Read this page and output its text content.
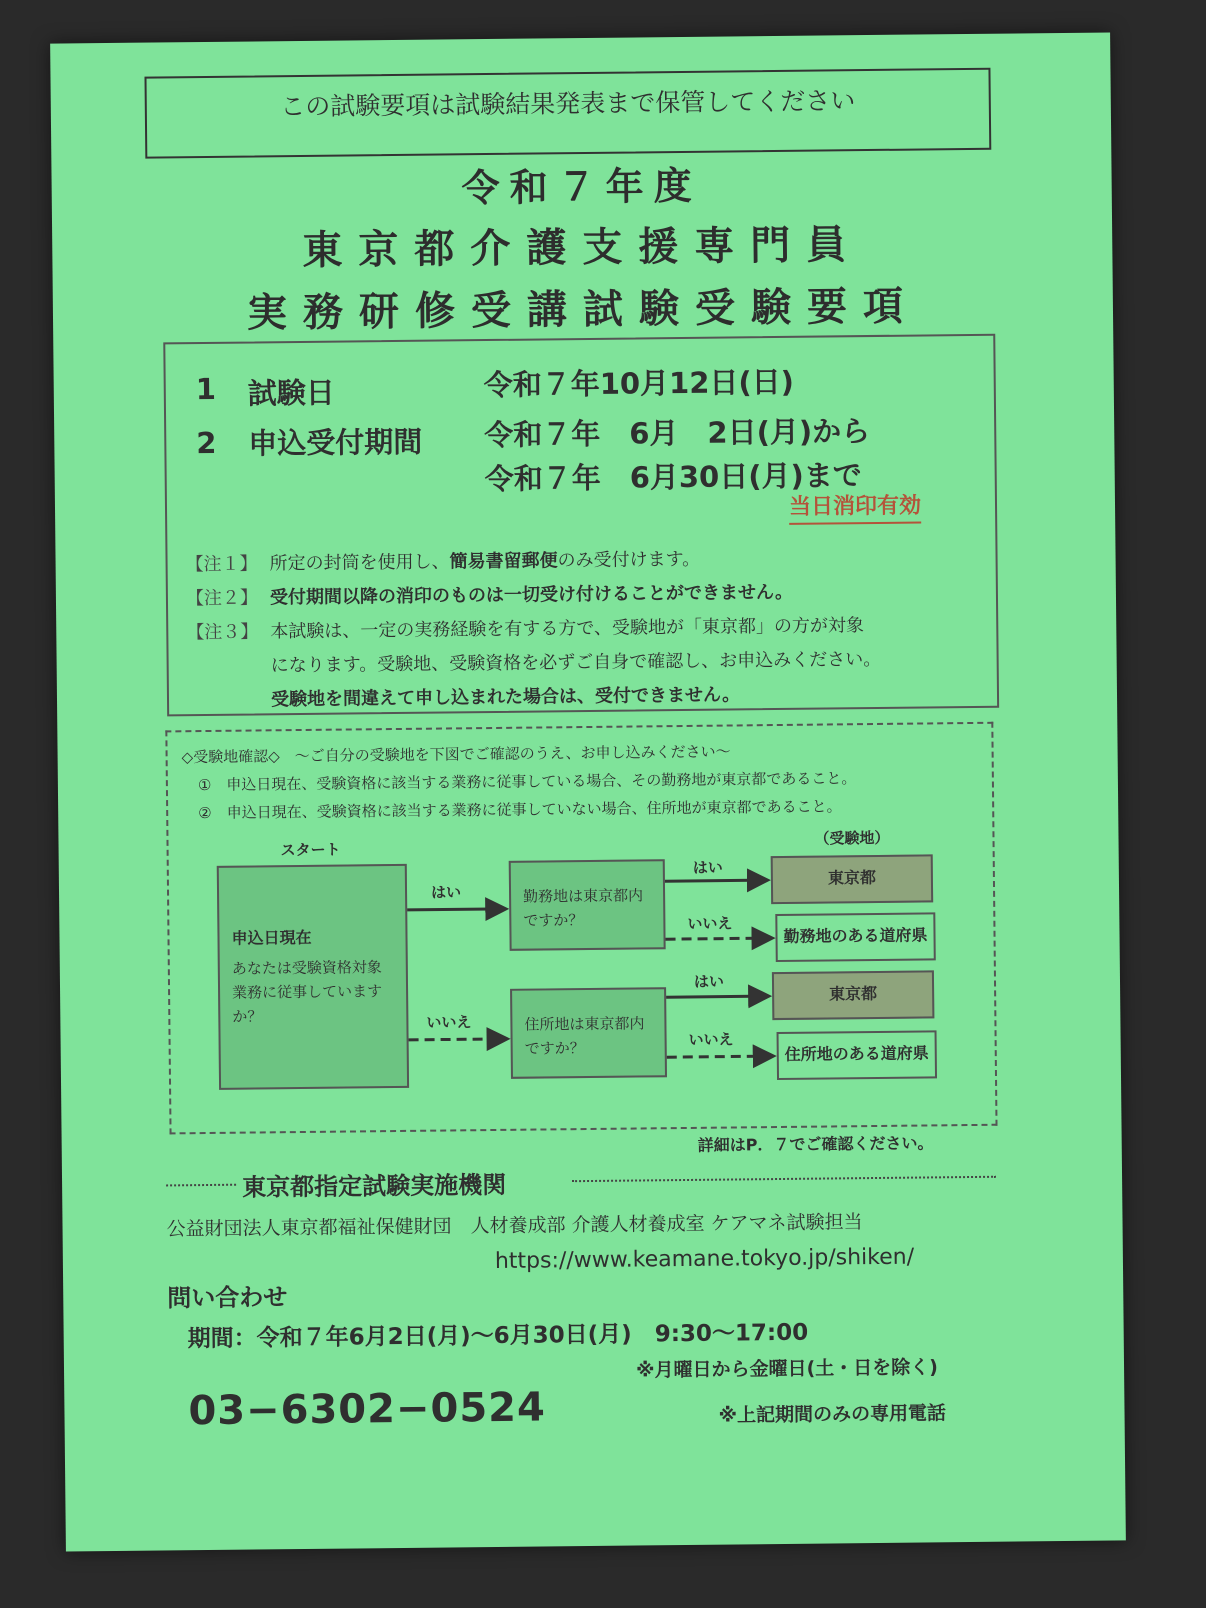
この試験要項は試験結果発表まで保管してください
令和７年度
東京都介護支援専門員
実務研修受講試験受験要項
1 試験日	令和７年10月12日(日)
2 申込受付期間 令和７年　6月　2日(月)から
令和７年　6月30日(月)まで
当日消印有効
【注１】 所定の封筒を使用し、簡易書留郵便のみ受付けます。
【注２】 受付期間以降の消印のものは一切受け付けることができません。
【注３】 本試験は、一定の実務経験を有する方で、受験地が「東京都」の方が対象
になります。受験地、受験資格を必ずご自身で確認し、お申込みください。
受験地を間違えて申し込まれた場合は、受付できません。
◇受験地確認◇　～ご自分の受験地を下図でご確認のうえ、お申し込みください～
①　申込日現在、受験資格に該当する業務に従事している場合、その勤務地が東京都であること。
②　申込日現在、受験資格に該当する業務に従事していない場合、住所地が東京都であること。
スタート
（受験地）
申込日現在
あなたは受験資格対象業務に従事していますか？
勤務地は東京都内ですか？
住所地は東京都内ですか？
東京都
勤務地のある道府県
東京都
住所地のある道府県
はい
いいえ
はい
いいえ
はい
いいえ
詳細はP．７でご確認ください。
東京都指定試験実施機関
公益財団法人東京都福祉保健財団　人材養成部 介護人材養成室 ケアマネ試験担当
https://www.keamane.tokyo.jp/shiken/
問い合わせ
期間：令和７年6月2日(月)～6月30日(月)　9:30～17:00
※月曜日から金曜日(土・日を除く)
03−6302−0524	※上記期間のみの専用電話
